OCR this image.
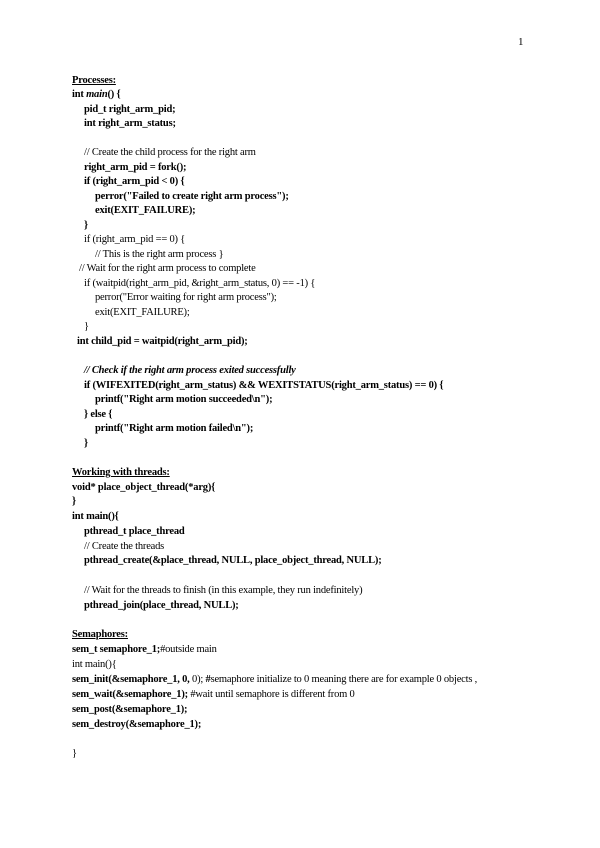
1
Processes:
int main() {
pid_t right_arm_pid;
int right_arm_status;
// Create the child process for the right arm
right_arm_pid = fork();
if (right_arm_pid < 0) {
perror("Failed to create right arm process");
exit(EXIT_FAILURE);
}
if (right_arm_pid == 0) {
// This is the right arm process }
// Wait for the right arm process to complete
if (waitpid(right_arm_pid, &right_arm_status, 0) == -1) {
perror("Error waiting for right arm process");
exit(EXIT_FAILURE);
}
int child_pid = waitpid(right_arm_pid);
// Check if the right arm process exited successfully
if (WIFEXITED(right_arm_status) && WEXITSTATUS(right_arm_status) == 0) {
printf("Right arm motion succeeded\n");
} else {
printf("Right arm motion failed\n");
}
Working with threads:
void* place_object_thread(*arg){
}
int main(){
pthread_t place_thread
// Create the threads
pthread_create(&place_thread, NULL, place_object_thread, NULL);
// Wait for the threads to finish (in this example, they run indefinitely)
pthread_join(place_thread, NULL);
Semaphores:
sem_t semaphore_1;#outside main
int main(){
sem_init(&semaphore_1, 0, 0); #semaphore initialize to 0 meaning there are for example 0 objects ,
sem_wait(&semaphore_1); #wait until semaphore is different from 0
sem_post(&semaphore_1);
sem_destroy(&semaphore_1);
}
